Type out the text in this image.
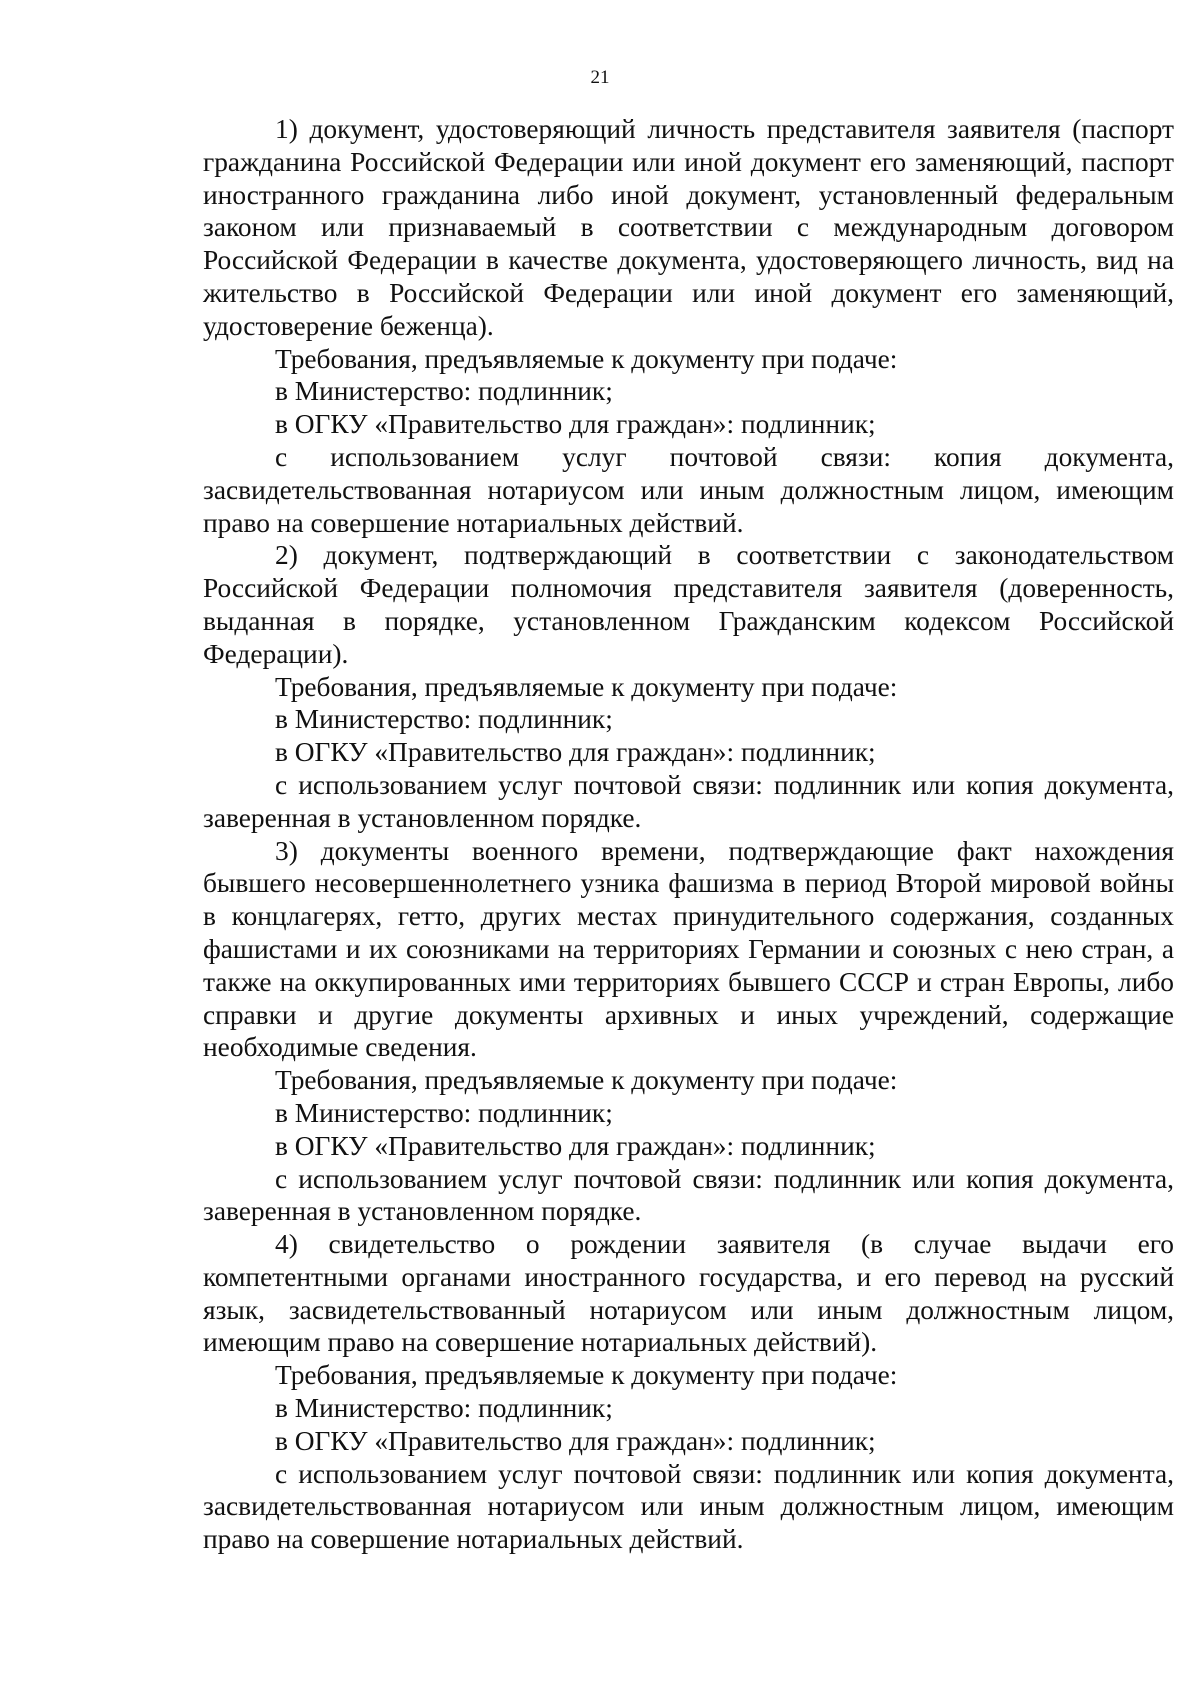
21

1) документ, удостоверяющий личность представителя заявителя (паспорт гражданина Российской Федерации или иной документ его заменяющий, паспорт иностранного гражданина либо иной документ, установленный федеральным законом или признаваемый в соответствии с международным договором Российской Федерации в качестве документа, удостоверяющего личность, вид на жительство в Российской Федерации или иной документ его заменяющий, удостоверение беженца).

Требования, предъявляемые к документу при подаче:

в Министерство: подлинник;

в ОГКУ «Правительство для граждан»: подлинник;

с использованием услуг почтовой связи: копия документа, засвидетельствованная нотариусом или иным должностным лицом, имеющим право на совершение нотариальных действий.

2) документ, подтверждающий в соответствии с законодательством Российской Федерации полномочия представителя заявителя (доверенность, выданная в порядке, установленном Гражданским кодексом Российской Федерации).

Требования, предъявляемые к документу при подаче:

в Министерство: подлинник;

в ОГКУ «Правительство для граждан»: подлинник;

с использованием услуг почтовой связи: подлинник или копия документа, заверенная в установленном порядке.

3) документы военного времени, подтверждающие факт нахождения бывшего несовершеннолетнего узника фашизма в период Второй мировой войны в концлагерях, гетто, других местах принудительного содержания, созданных фашистами и их союзниками на территориях Германии и союзных с нею стран, а также на оккупированных ими территориях бывшего СССР и стран Европы, либо справки и другие документы архивных и иных учреждений, содержащие необходимые сведения.

Требования, предъявляемые к документу при подаче:

в Министерство: подлинник;

в ОГКУ «Правительство для граждан»: подлинник;

с использованием услуг почтовой связи: подлинник или копия документа, заверенная в установленном порядке.

4) свидетельство о рождении заявителя (в случае выдачи его компетентными органами иностранного государства, и его перевод на русский язык, засвидетельствованный нотариусом или иным должностным лицом, имеющим право на совершение нотариальных действий).

Требования, предъявляемые к документу при подаче:

в Министерство: подлинник;

в ОГКУ «Правительство для граждан»: подлинник;

с использованием услуг почтовой связи: подлинник или копия документа, засвидетельствованная нотариусом или иным должностным лицом, имеющим право на совершение нотариальных действий.
